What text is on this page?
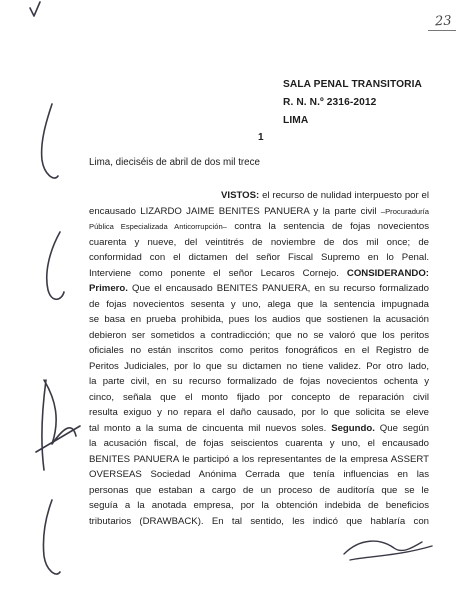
23
SALA PENAL TRANSITORIA
R. N. N.º 2316-2012
LIMA
1
Lima, dieciséis de abril de dos mil trece
VISTOS: el recurso de nulidad interpuesto por el
encausado LIZARDO JAIME BENITES PANUERA y la parte civil –Procuraduría
Pública Especializada Anticorrupción– contra la sentencia de fojas novecientos
cuarenta y nueve, del veintitrés de noviembre de dos mil once; de
conformidad con el dictamen del señor Fiscal Supremo en lo Penal.
Interviene como ponente el señor Lecaros Cornejo. CONSIDERANDO:
Primero. Que el encausado BENITES PANUERA, en su recurso formalizado
de fojas novecientos sesenta y uno, alega que la sentencia impugnada
se basa en prueba prohibida, pues los audios que sostienen la acusación
debieron ser sometidos a contradicción; que no se valoró que los peritos
oficiales no están inscritos como peritos fonográficos en el Registro de
Peritos Judiciales, por lo que su dictamen no tiene validez. Por otro lado,
la parte civil, en su recurso formalizado de fojas novecientos ochenta y
cinco, señala que el monto fijado por concepto de reparación civil
resulta exiguo y no repara el daño causado, por lo que solicita se eleve
tal monto a la suma de cincuenta mil nuevos soles. Segundo. Que según
la acusación fiscal, de fojas seiscientos cuarenta y uno, el encausado
BENITES PANUERA le participó a los representantes de la empresa ASSERT
OVERSEAS Sociedad Anónima Cerrada que tenía influencias en las
personas que estaban a cargo de un proceso de auditoría que se le
seguía a la anotada empresa, por la obtención indebida de beneficios
tributarios (DRAWBACK). En tal sentido, les indicó que hablaría con
